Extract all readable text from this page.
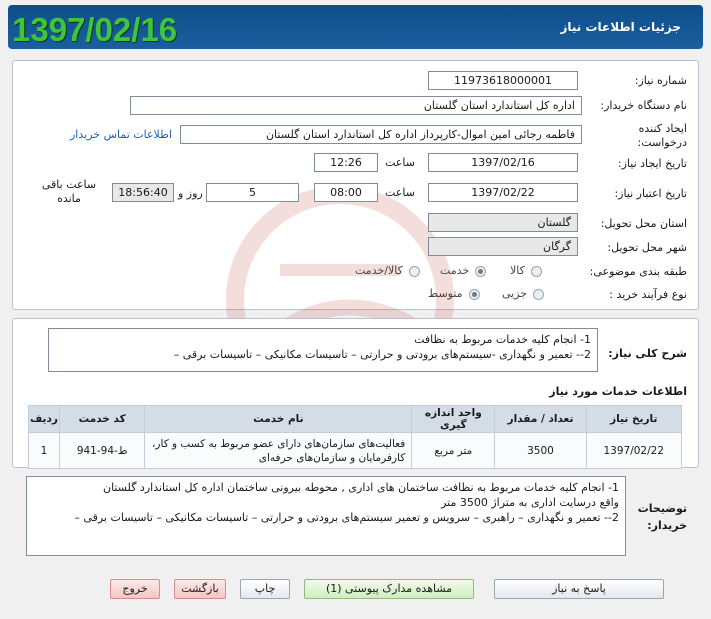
جزئیات اطلاعات نیاز
1397/02/16
شماره نیاز:
11973618000001
نام دستگاه خریدار:
اداره کل استاندارد استان گلستان
ایجاد کننده درخواست:
فاطمه رجائی امین اموال-کارپرداز اداره کل استاندارد استان گلستان
اطلاعات تماس خریدار
تاریخ ایجاد نیاز:
1397/02/16
ساعت
12:26
تاریخ اعتبار نیاز:
1397/02/22
ساعت
08:00
5
روز و
18:56:40
ساعت باقی مانده
استان محل تحویل:
گلستان
شهر محل تحویل:
گرگان
طبقه بندی موضوعی:
کالا
خدمت
کالا/خدمت
نوع فرآیند خرید :
جزیی
متوسط
شرح کلی نیاز:
1- انجام کلیه خدمات مربوط به نظافت
2-- تعمیر و نگهداری -سیستم‌های برودتی و حرارتی – تاسیسات مکانیکی – تاسیسات برقی –
اطلاعات خدمات مورد نیاز
تاریخ نیاز	تعداد / مقدار	واحد اندازه گیری	نام خدمت	کد خدمت	ردیف
1397/02/22	3500	متر مربع	فعالیت‌های سازمان‌های دارای عضو مربوط به کسب و کار، کارفرمایان و سازمان‌های حرفه‌ای	ط-94-941	1
توضیحات خریدار:
1- انجام کلیه خدمات مربوط به نظافت ساختمان های اداری , محوطه بیرونی ساختمان اداره کل استاندارد گلستان
واقع درسایت اداری به متراژ 3500 متر
2-- تعمیر و نگهداری – راهبری – سرویس و تعمیر سیستم‌های برودتی و حرارتی – تاسیسات مکانیکی – تاسیسات برقی –
پاسخ به نیاز
مشاهده مدارک پیوستی (1)
چاپ
بازگشت
خروج
